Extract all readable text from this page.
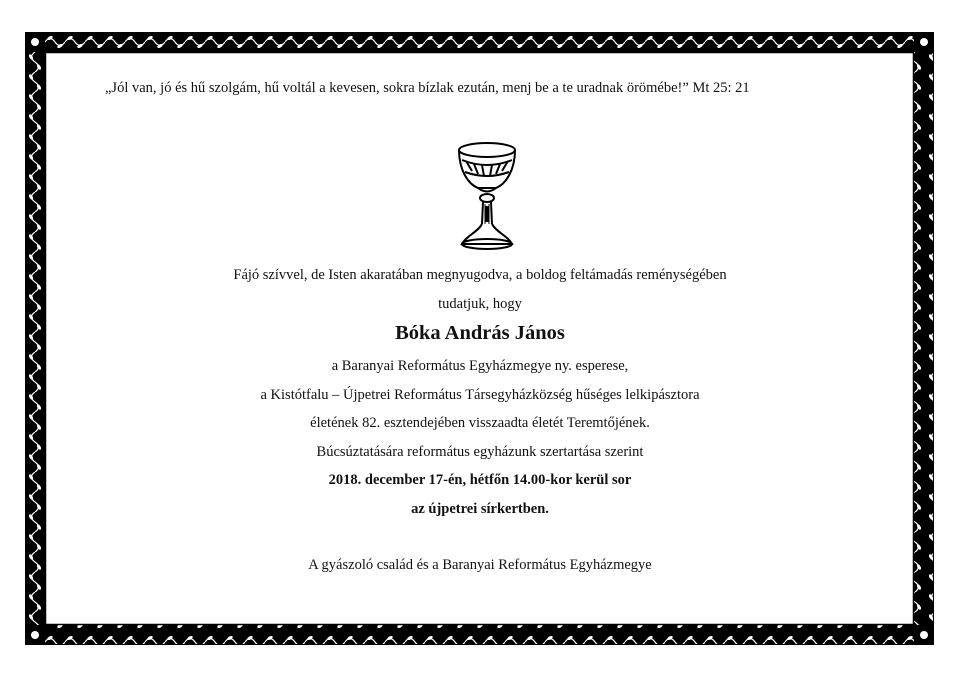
„Jól van, jó és hű szolgám, hű voltál a kevesen, sokra bízlak ezután, menj be a te uradnak örömébe!” Mt 25: 21
Fájó szívvel, de Isten akaratában megnyugodva, a boldog feltámadás reménységében
tudatjuk, hogy
Bóka András János
a Baranyai Református Egyházmegye ny. esperese,
a Kistótfalu – Újpetrei Református Társegyházközség hűséges lelkipásztora
életének 82. esztendejében visszaadta életét Teremtőjének.
Búcsúztatására református egyházunk szertartása szerint
2018. december 17-én, hétfőn 14.00-kor kerül sor
az újpetrei sírkertben.
A gyászoló család és a Baranyai Református Egyházmegye
